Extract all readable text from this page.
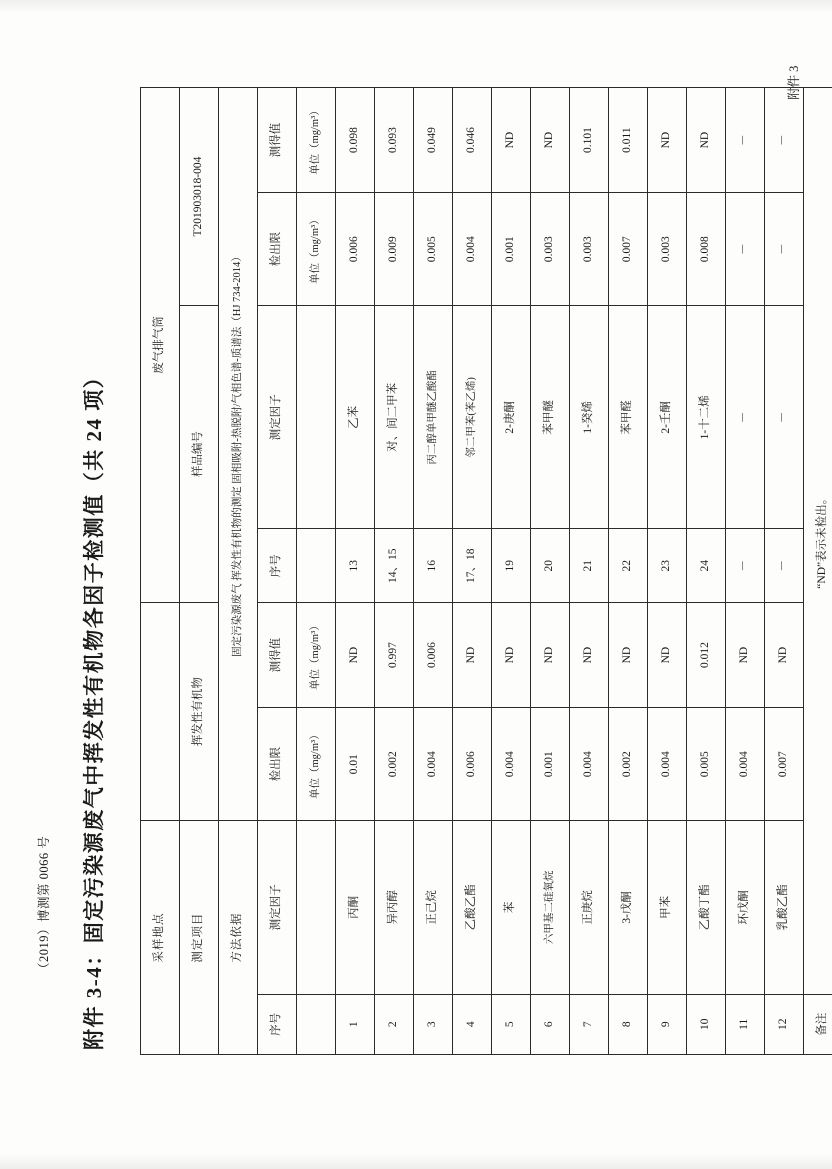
（2019）博测第 0066 号
附件 3
附件 3-4：固定污染源废气中挥发性有机物各因子检测值（共 24 项）	采样地点				废气排气筒			
测定项目		挥发性有机物		样品编号		T201903018-004	
方法依据		固定污染源废气 挥发性有机物的测定 固相吸附-热脱附/气相色谱-质谱法（HJ 734-2014）					
序号	测定因子	检出限	测得值	序号	测定因子	检出限	测得值
		单位（mg/m³）	单位（mg/m³）			单位（mg/m³）	单位（mg/m³）
1	丙酮	0.01	ND	13	乙苯	0.006	0.098
2	异丙醇	0.002	0.997	14、15	对、间二甲苯	0.009	0.093
3	正己烷	0.004	0.006	16	丙二醇单甲醚乙酸酯	0.005	0.049
4	乙酸乙酯	0.006	ND	17、18	邻二甲苯(苯乙烯)	0.004	0.046
5	苯	0.004	ND	19	2-庚酮	0.001	ND
6	六甲基二硅氧烷	0.001	ND	20	苯甲醚	0.003	ND
7	正庚烷	0.004	ND	21	1-癸烯	0.003	0.101
8	3-戊酮	0.002	ND	22	苯甲醛	0.007	0.011
9	甲苯	0.004	ND	23	2-壬酮	0.003	ND
10	乙酸丁酯	0.005	0.012	24	1-十二烯	0.008	ND
11	环戊酮	0.004	ND	－	－	－	－
12	乳酸乙酯	0.007	ND	－	－	－	－
备注	“ND”表示未检出。						
